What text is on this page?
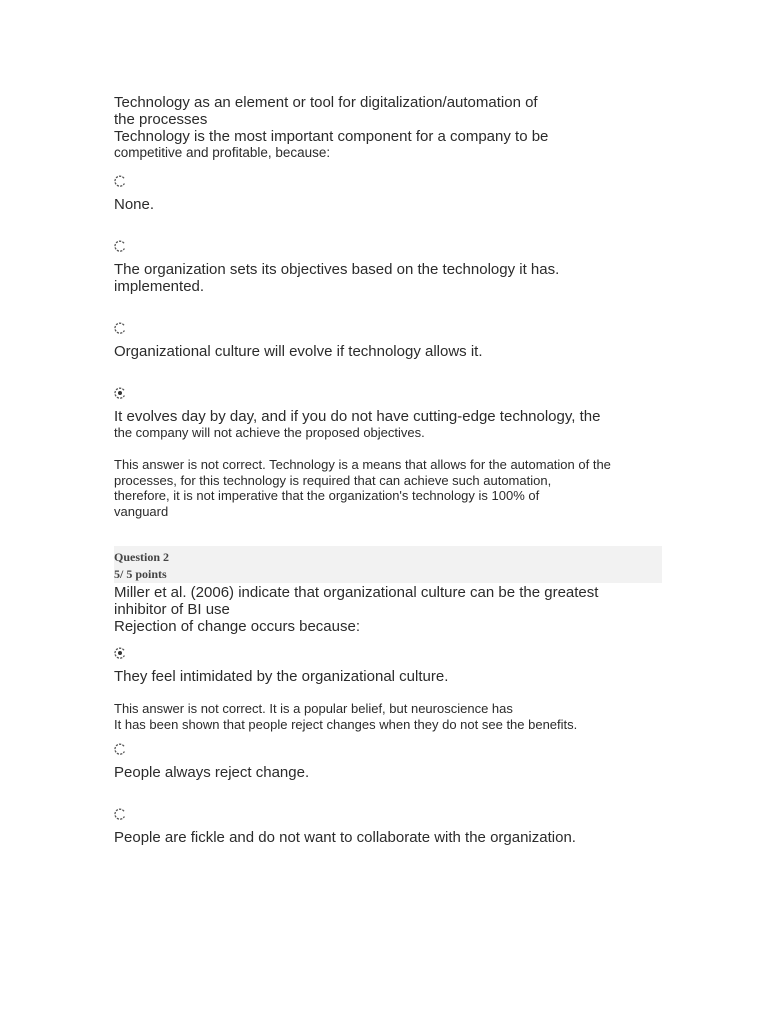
Technology as an element or tool for digitalization/automation of
the processes
Technology is the most important component for a company to be
competitive and profitable, because:
None.
The organization sets its objectives based on the technology it has.
implemented.
Organizational culture will evolve if technology allows it.
It evolves day by day, and if you do not have cutting-edge technology, the
the company will not achieve the proposed objectives.
This answer is not correct. Technology is a means that allows for the automation of the
processes, for this technology is required that can achieve such automation,
therefore, it is not imperative that the organization's technology is 100% of
vanguard
Question 2
5/ 5 points
Miller et al. (2006) indicate that organizational culture can be the greatest
inhibitor of BI use
Rejection of change occurs because:
They feel intimidated by the organizational culture.
This answer is not correct. It is a popular belief, but neuroscience has
It has been shown that people reject changes when they do not see the benefits.
People always reject change.
People are fickle and do not want to collaborate with the organization.
